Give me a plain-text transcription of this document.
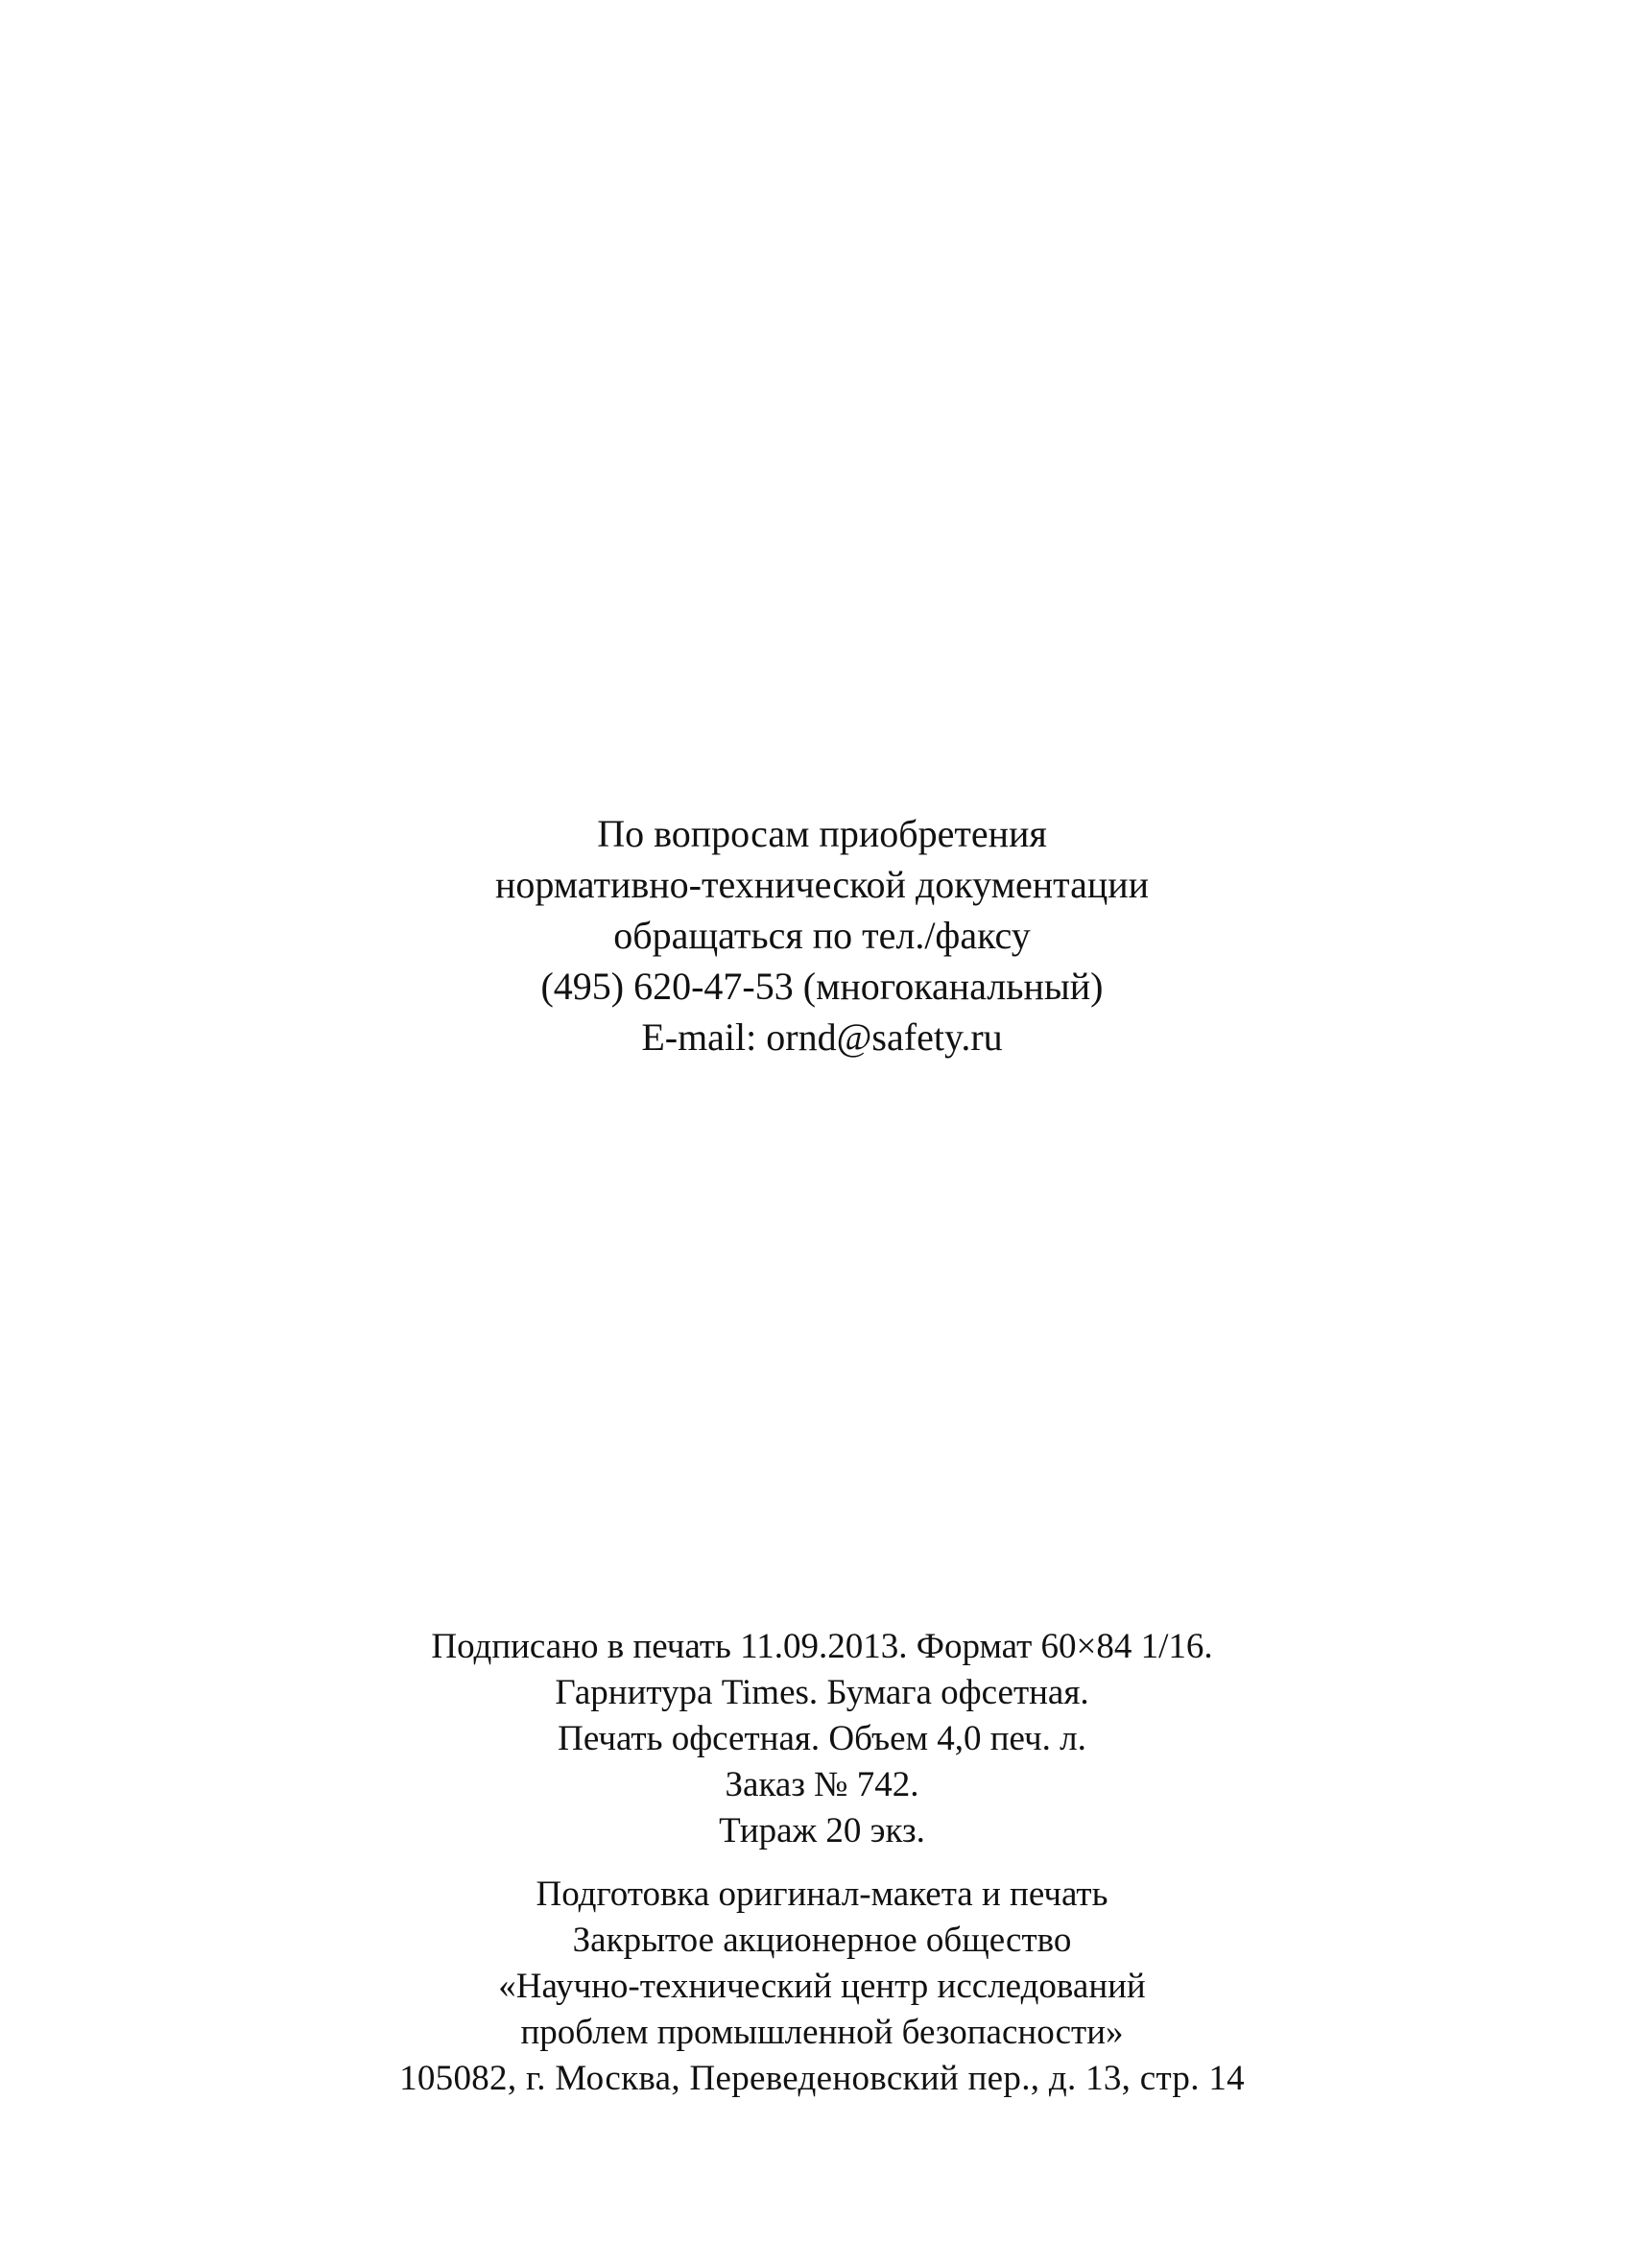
По вопросам приобретения
нормативно-технической документации
обращаться по тел./факсу
(495) 620-47-53 (многоканальный)
E-mail: ornd@safety.ru
Подписано в печать 11.09.2013. Формат 60×84 1/16.
Гарнитура Times. Бумага офсетная.
Печать офсетная. Объем 4,0 печ. л.
Заказ № 742.
Тираж 20 экз.
Подготовка оригинал-макета и печать
Закрытое акционерное общество
«Научно-технический центр исследований
проблем промышленной безопасности»
105082, г. Москва, Переведеновский пер., д. 13, стр. 14
